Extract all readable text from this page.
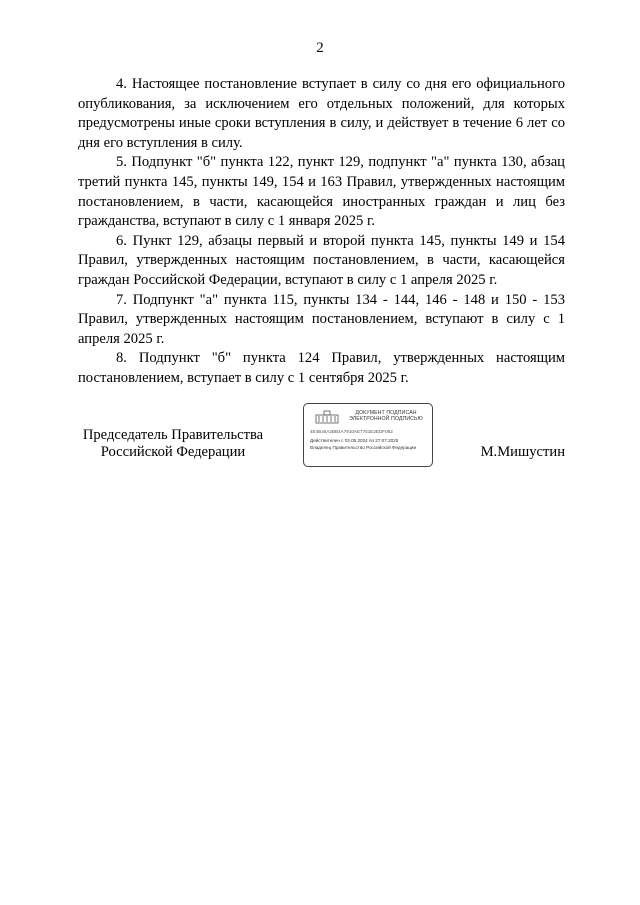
2

4. Настоящее постановление вступает в силу со дня его официального опубликования, за исключением его отдельных положений, для которых предусмотрены иные сроки вступления в силу, и действует в течение 6 лет со дня его вступления в силу.

5. Подпункт "б" пункта 122, пункт 129, подпункт "а" пункта 130, абзац третий пункта 145, пункты 149, 154 и 163 Правил, утвержденных настоящим постановлением, в части, касающейся иностранных граждан и лиц без гражданства, вступают в силу с 1 января 2025 г.

6. Пункт 129, абзацы первый и второй пункта 145, пункты 149 и 154 Правил, утвержденных настоящим постановлением, в части, касающейся граждан Российской Федерации, вступают в силу с 1 апреля 2025 г.

7. Подпункт "а" пункта 115, пункты 134 - 144, 146 - 148 и 150 - 153 Правил, утвержденных настоящим постановлением, вступают в силу с 1 апреля 2025 г.

8. Подпункт "б" пункта 124 Правил, утвержденных настоящим постановлением, вступает в силу с 1 сентября 2025 г.

Председатель Правительства
Российской Федерации
ДОКУМЕНТ ПОДПИСАН
ЭЛЕКТРОННОЙ ПОДПИСЬЮ
4E4B46A2BB4A7910AE7751E2EDF062
Действителен с 03.05.2024 по 27.07.2025
Владелец Правительство Российской Федерации	М.Мишустин
